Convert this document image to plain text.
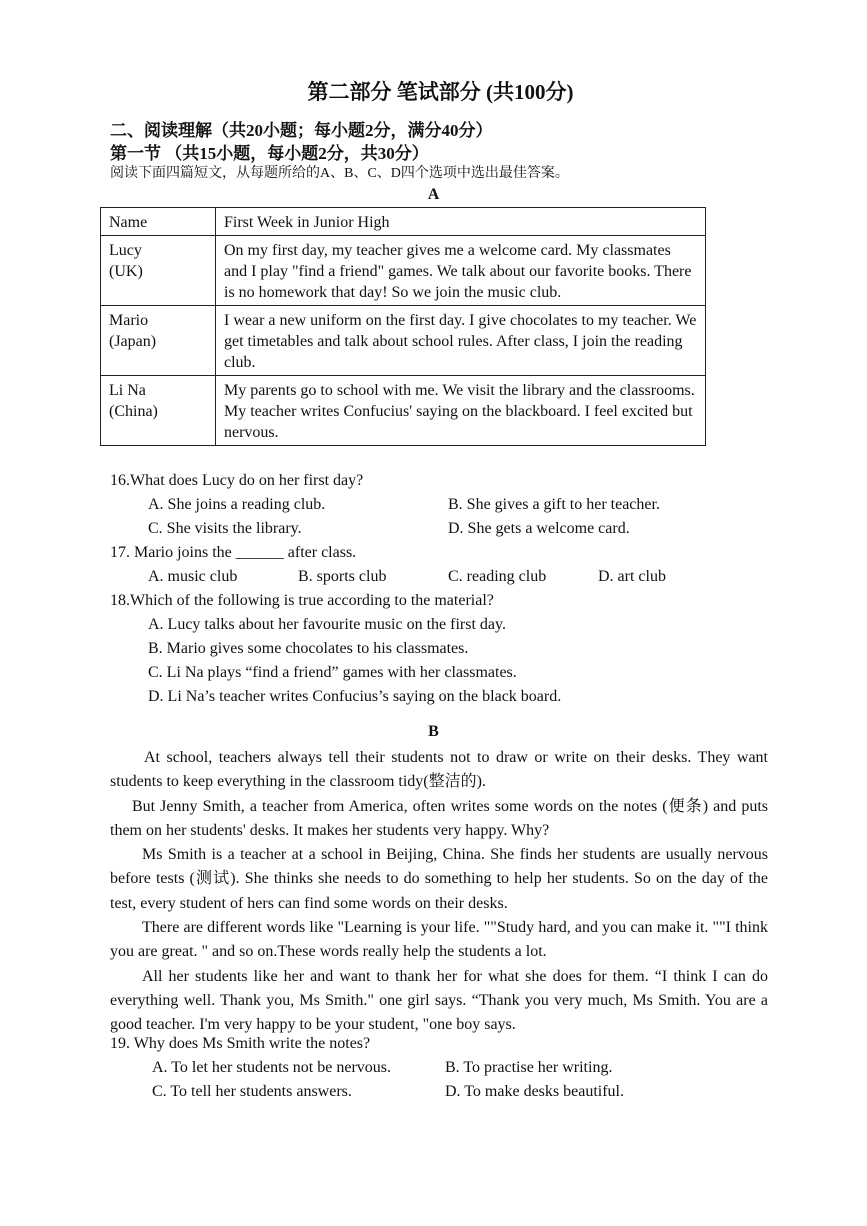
第二部分 笔试部分 (共100分)
二、阅读理解（共20小题；每小题2分，满分40分）
第一节 （共15小题，每小题2分，共30分）
阅读下面四篇短文，从每题所给的A、B、C、D四个选项中选出最佳答案。
A
Name	First Week in Junior High

Lucy
(UK)	On my first day, my teacher gives me a welcome card. My classmates and I play "find a friend" games. We talk about our favorite books. There is no homework that day! So we join the music club.

Mario
(Japan)	I wear a new uniform on the first day. I give chocolates to my teacher. We get timetables and talk about school rules. After class, I join the reading club.

Li Na
(China)	My parents go to school with me. We visit the library and the classrooms. My teacher writes Confucius' saying on the blackboard. I feel excited but nervous.
16.What does Lucy do on her first day?
A. She joins a reading club.	B. She gives a gift to her teacher.
C. She visits the library.	D. She gets a welcome card.
17. Mario joins the ______ after class.
A. music club	B. sports club	C. reading club	D. art club
18.Which of the following is true according to the material?
A. Lucy talks about her favourite music on the first day.
B. Mario gives some chocolates to his classmates.
C. Li Na plays “find a friend” games with her classmates.
D. Li Na’s teacher writes Confucius’s saying on the black board.
B

At school, teachers always tell their students not to draw or write on their desks. They want students to keep everything in the classroom tidy(整洁的).

But Jenny Smith, a teacher from America, often writes some words on the notes (便条) and puts them on her students' desks. It makes her students very happy. Why?

Ms Smith is a teacher at a school in Beijing, China. She finds her students are usually nervous before tests (测试). She thinks she needs to do something to help her students. So on the day of the test, every student of hers can find some words on their desks.

There are different words like "Learning is your life. ""Study hard, and you can make it. ""I think you are great. " and so on.These words really help the students a lot.

All her students like her and want to thank her for what she does for them. “I think I can do everything well. Thank you, Ms Smith." one girl says. “Thank you very much, Ms Smith. You are a good teacher. I'm very happy to be your student, "one boy says.

19. Why does Ms Smith write the notes?
A. To let her students not be nervous.	B. To practise her writing.
C. To tell her students answers.	D. To make desks beautiful.
